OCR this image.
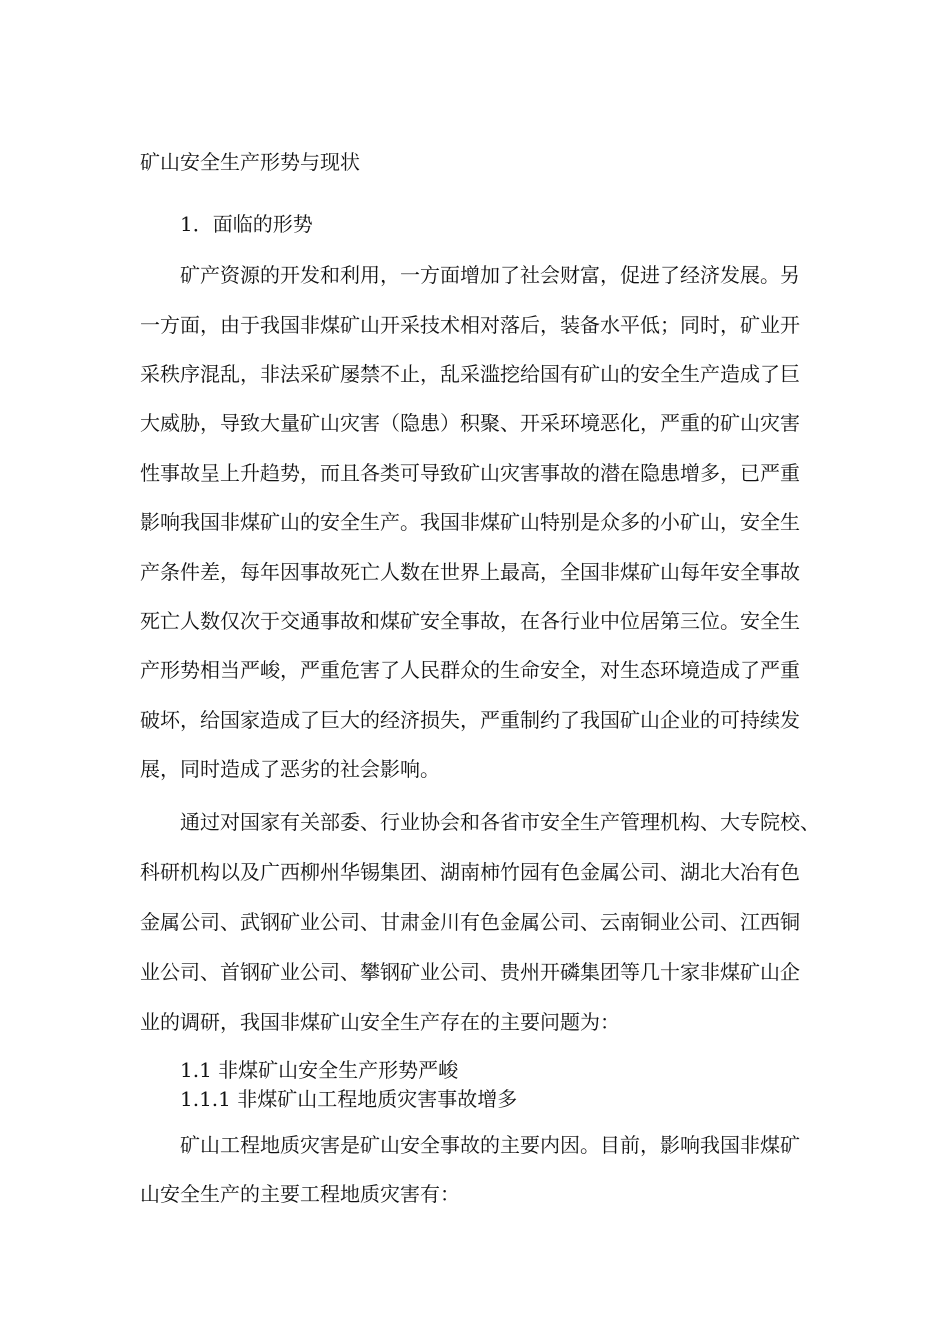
矿山安全生产形势与现状
1．面临的形势
矿产资源的开发和利用，一方面增加了社会财富，促进了经济发展。另
一方面，由于我国非煤矿山开采技术相对落后，装备水平低；同时，矿业开
采秩序混乱，非法采矿屡禁不止，乱采滥挖给国有矿山的安全生产造成了巨
大威胁，导致大量矿山灾害（隐患）积聚、开采环境恶化，严重的矿山灾害
性事故呈上升趋势，而且各类可导致矿山灾害事故的潜在隐患增多，已严重
影响我国非煤矿山的安全生产。我国非煤矿山特别是众多的小矿山，安全生
产条件差，每年因事故死亡人数在世界上最高，全国非煤矿山每年安全事故
死亡人数仅次于交通事故和煤矿安全事故，在各行业中位居第三位。安全生
产形势相当严峻，严重危害了人民群众的生命安全，对生态环境造成了严重
破坏，给国家造成了巨大的经济损失，严重制约了我国矿山企业的可持续发
展，同时造成了恶劣的社会影响。
通过对国家有关部委、行业协会和各省市安全生产管理机构、大专院校、
科研机构以及广西柳州华锡集团、湖南柿竹园有色金属公司、湖北大冶有色
金属公司、武钢矿业公司、甘肃金川有色金属公司、云南铜业公司、江西铜
业公司、首钢矿业公司、攀钢矿业公司、贵州开磷集团等几十家非煤矿山企
业的调研，我国非煤矿山安全生产存在的主要问题为：
1.1 非煤矿山安全生产形势严峻
1.1.1 非煤矿山工程地质灾害事故增多
矿山工程地质灾害是矿山安全事故的主要内因。目前，影响我国非煤矿
山安全生产的主要工程地质灾害有：
